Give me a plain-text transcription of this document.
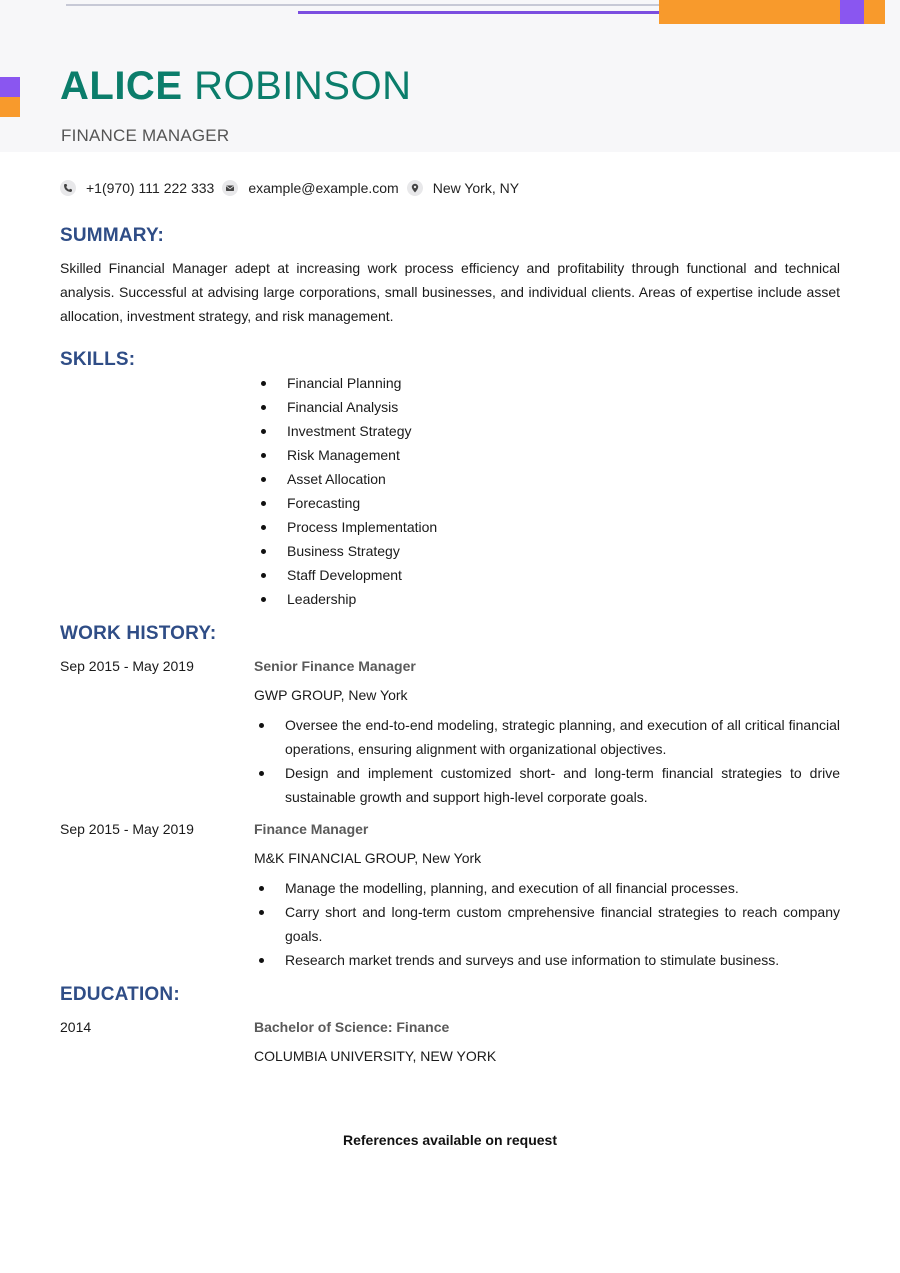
ALICE ROBINSON
FINANCE MANAGER
+1(970) 111 222 333 example@example.com New York, NY
SUMMARY:

Skilled Financial Manager adept at increasing work process efficiency and profitability through functional and technical analysis. Successful at advising large corporations, small businesses, and individual clients. Areas of expertise include asset allocation, investment strategy, and risk management.

SKILLS:
Financial Planning
Financial Analysis
Investment Strategy
Risk Management
Asset Allocation
Forecasting
Process Implementation
Business Strategy
Staff Development
Leadership
WORK HISTORY:
Sep 2015 - May 2019	Senior Finance Manager
GWP GROUP, New York
Oversee the end-to-end modeling, strategic planning, and execution of all critical financial operations, ensuring alignment with organizational objectives.
Design and implement customized short- and long-term financial strategies to drive sustainable growth and support high-level corporate goals.
Sep 2015 - May 2019	Finance Manager
M&K FINANCIAL GROUP, New York
Manage the modelling, planning, and execution of all financial processes.
Carry short and long-term custom cmprehensive financial strategies to reach company goals.
Research market trends and surveys and use information to stimulate business.
EDUCATION:
2014	Bachelor of Science: Finance
COLUMBIA UNIVERSITY, NEW YORK
References available on request
